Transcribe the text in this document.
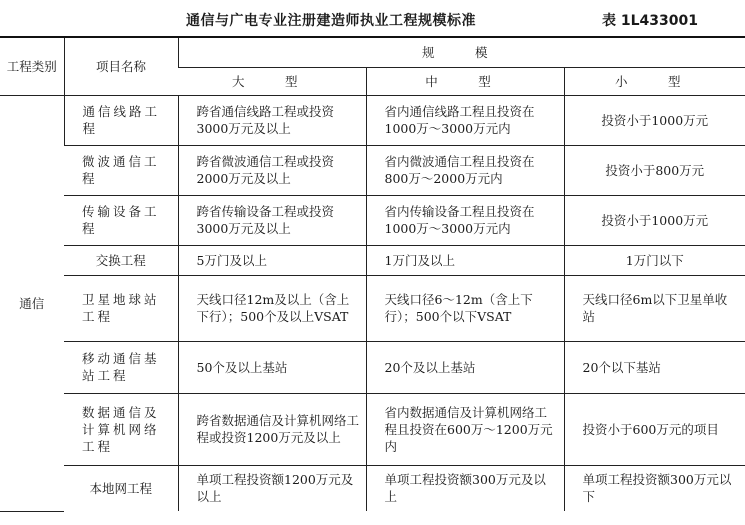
通信与广电专业注册建造师执业工程规模标准	表 1L433001
工程类别	项目名称	规　模		
		大　型	中　型	小　型
通信	通信线路工程	跨省通信线路工程或投资3000万元及以上	省内通信线路工程且投资在1000万～3000万元内	投资小于1000万元
	微波通信工程	跨省微波通信工程或投资2000万元及以上	省内微波通信工程且投资在800万～2000万元内	投资小于800万元
	传输设备工程	跨省传输设备工程或投资3000万元及以上	省内传输设备工程且投资在1000万～3000万元内	投资小于1000万元
	交换工程	5万门及以上	1万门及以上	1万门以下
	卫星地球站工程	天线口径12m及以上（含上下行）；500个及以上VSAT	天线口径6～12m（含上下行）；500个以下VSAT	天线口径6m以下卫星单收站
	移动通信基站工程	50个及以上基站	20个及以上基站	20个以下基站
	数据通信及计算机网络工程	跨省数据通信及计算机网络工程或投资1200万元及以上	省内数据通信及计算机网络工程且投资在600万～1200万元内	投资小于600万元的项目
	本地网工程	单项工程投资额1200万元及以上	单项工程投资额300万元及以上	单项工程投资额300万元以下
